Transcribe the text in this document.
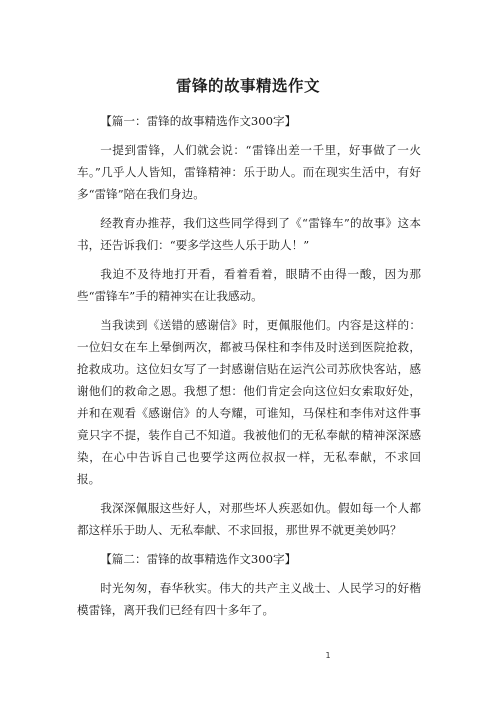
雷锋的故事精选作文

【篇一：雷锋的故事精选作文300字】

一提到雷锋，人们就会说：“雷锋出差一千里，好事做了一火车。”几乎人人皆知，雷锋精神：乐于助人。而在现实生活中，有好多“雷锋”陪在我们身边。

经教育办推荐，我们这些同学得到了《“雷锋车”的故事》这本书，还告诉我们：“要多学这些人乐于助人！”

我迫不及待地打开看，看着看着，眼睛不由得一酸，因为那些“雷锋车”手的精神实在让我感动。

当我读到《送错的感谢信》时，更佩服他们。内容是这样的：一位妇女在车上晕倒两次，都被马保柱和李伟及时送到医院抢救，抢救成功。这位妇女写了一封感谢信贴在运汽公司苏欣快客站，感谢他们的救命之恩。我想了想：他们肯定会向这位妇女索取好处，并和在观看《感谢信》的人夸耀，可谁知，马保柱和李伟对这件事竟只字不提，装作自己不知道。我被他们的无私奉献的精神深深感染，在心中告诉自己也要学这两位叔叔一样，无私奉献，不求回报。

我深深佩服这些好人，对那些坏人疾恶如仇。假如每一个人都都这样乐于助人、无私奉献、不求回报，那世界不就更美妙吗？

【篇二：雷锋的故事精选作文300字】

时光匆匆，春华秋实。伟大的共产主义战士、人民学习的好楷模雷锋，离开我们已经有四十多年了。

1
